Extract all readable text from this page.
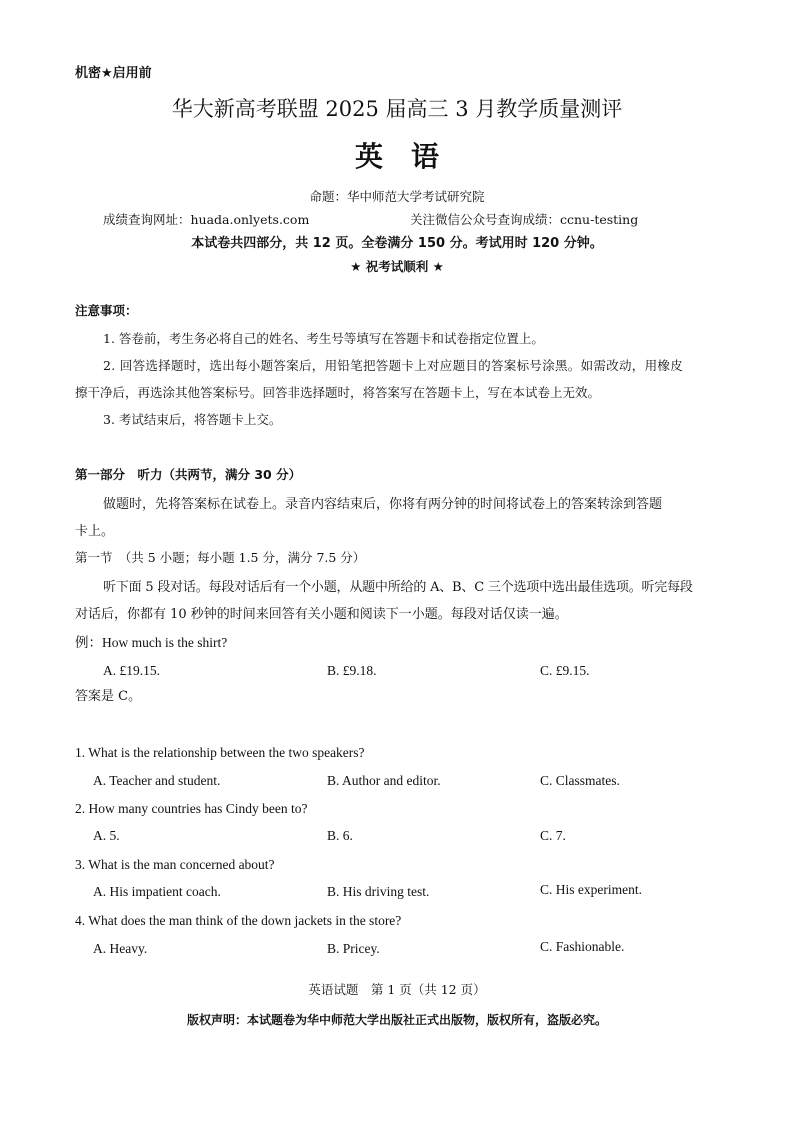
机密★启用前
华大新高考联盟 2025 届高三 3 月教学质量测评
英　语
命题：华中师范大学考试研究院
成绩查询网址：huada.onlyets.com	关注微信公众号查询成绩：ccnu-testing
本试卷共四部分，共 12 页。全卷满分 150 分。考试用时 120 分钟。
★ 祝考试顺利 ★
注意事项：
1. 答卷前，考生务必将自己的姓名、考生号等填写在答题卡和试卷指定位置上。
2. 回答选择题时，选出每小题答案后，用铅笔把答题卡上对应题目的答案标号涂黑。如需改动，用橡皮
擦干净后，再选涂其他答案标号。回答非选择题时，将答案写在答题卡上，写在本试卷上无效。
3. 考试结束后，将答题卡上交。
第一部分　听力（共两节，满分 30 分）
做题时，先将答案标在试卷上。录音内容结束后，你将有两分钟的时间将试卷上的答案转涂到答题
卡上。
第一节　（共 5 小题；每小题 1.5 分，满分 7.5 分）
听下面 5 段对话。每段对话后有一个小题，从题中所给的 A、B、C 三个选项中选出最佳选项。听完每段
对话后，你都有 10 秒钟的时间来回答有关小题和阅读下一小题。每段对话仅读一遍。
例：How much is the shirt?
A. £19.15.	B. £9.18.	C. £9.15.
答案是 C。
1. What is the relationship between the two speakers?
A. Teacher and student.	B. Author and editor.	C. Classmates.
2. How many countries has Cindy been to?
A. 5.	B. 6.	C. 7.
3. What is the man concerned about?
A. His impatient coach.	B. His driving test.	C. His experiment.
4. What does the man think of the down jackets in the store?
A. Heavy.	B. Pricey.	C. Fashionable.
英语试题　第 1 页（共 12 页）
版权声明：本试题卷为华中师范大学出版社正式出版物，版权所有，盗版必究。
